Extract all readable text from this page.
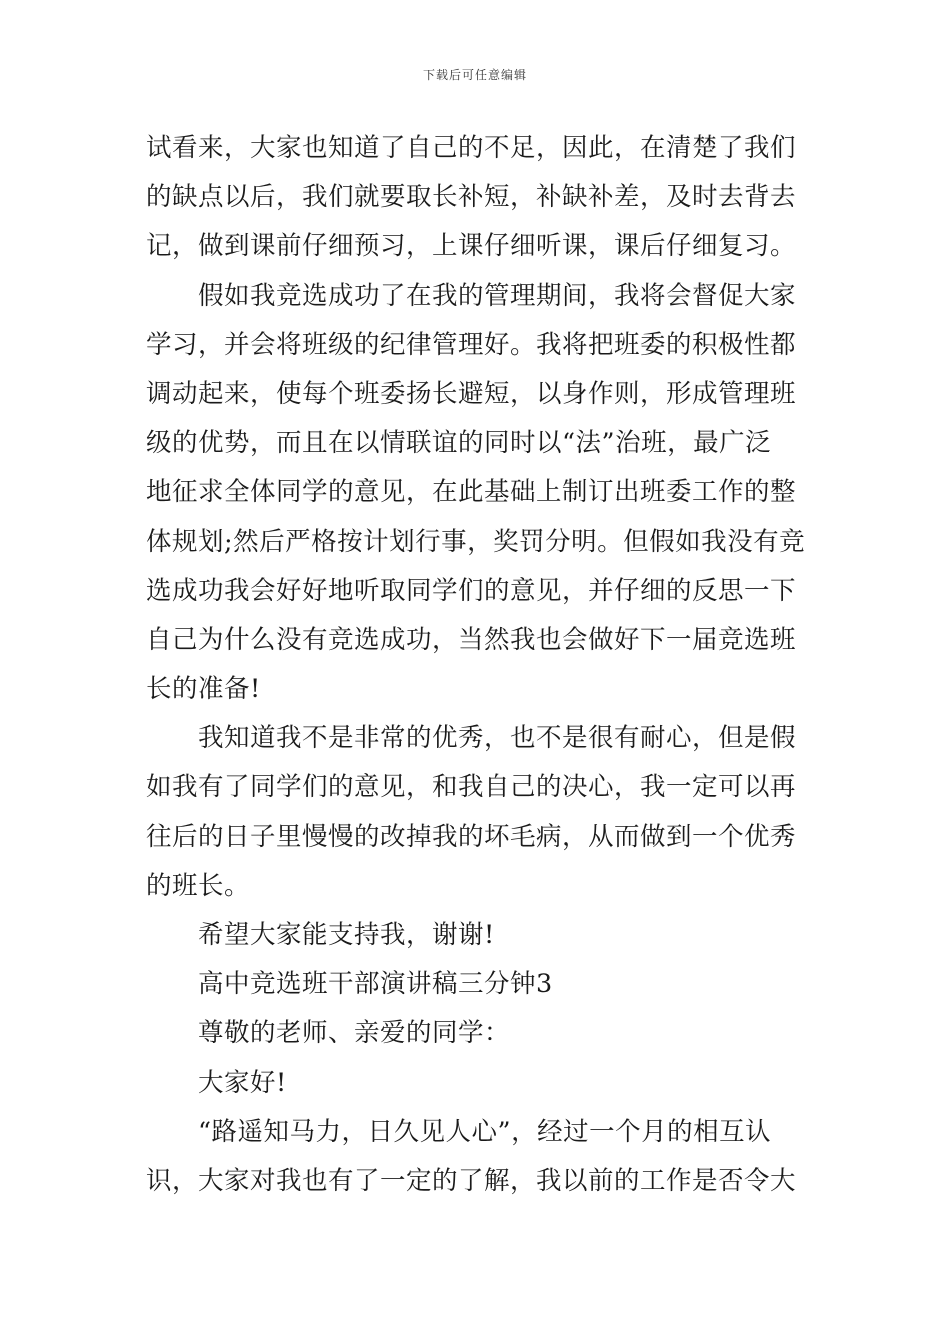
下载后可任意编辑
试看来，大家也知道了自己的不足，因此，在清楚了我们
的缺点以后，我们就要取长补短，补缺补差，及时去背去
记，做到课前仔细预习，上课仔细听课，课后仔细复习。
　　假如我竞选成功了在我的管理期间，我将会督促大家
学习，并会将班级的纪律管理好。我将把班委的积极性都
调动起来，使每个班委扬长避短，以身作则，形成管理班
级的优势，而且在以情联谊的同时以“法”治班，最广泛
地征求全体同学的意见，在此基础上制订出班委工作的整
体规划;然后严格按计划行事，奖罚分明。但假如我没有竞
选成功我会好好地听取同学们的意见，并仔细的反思一下
自己为什么没有竞选成功，当然我也会做好下一届竞选班
长的准备!
　　我知道我不是非常的优秀，也不是很有耐心，但是假
如我有了同学们的意见，和我自己的决心，我一定可以再
往后的日子里慢慢的改掉我的坏毛病，从而做到一个优秀
的班长。
　　希望大家能支持我，谢谢!
　　高中竞选班干部演讲稿三分钟3
　　尊敬的老师、亲爱的同学：
　　大家好!
　　“路遥知马力，日久见人心”，经过一个月的相互认
识，大家对我也有了一定的了解，我以前的工作是否令大
